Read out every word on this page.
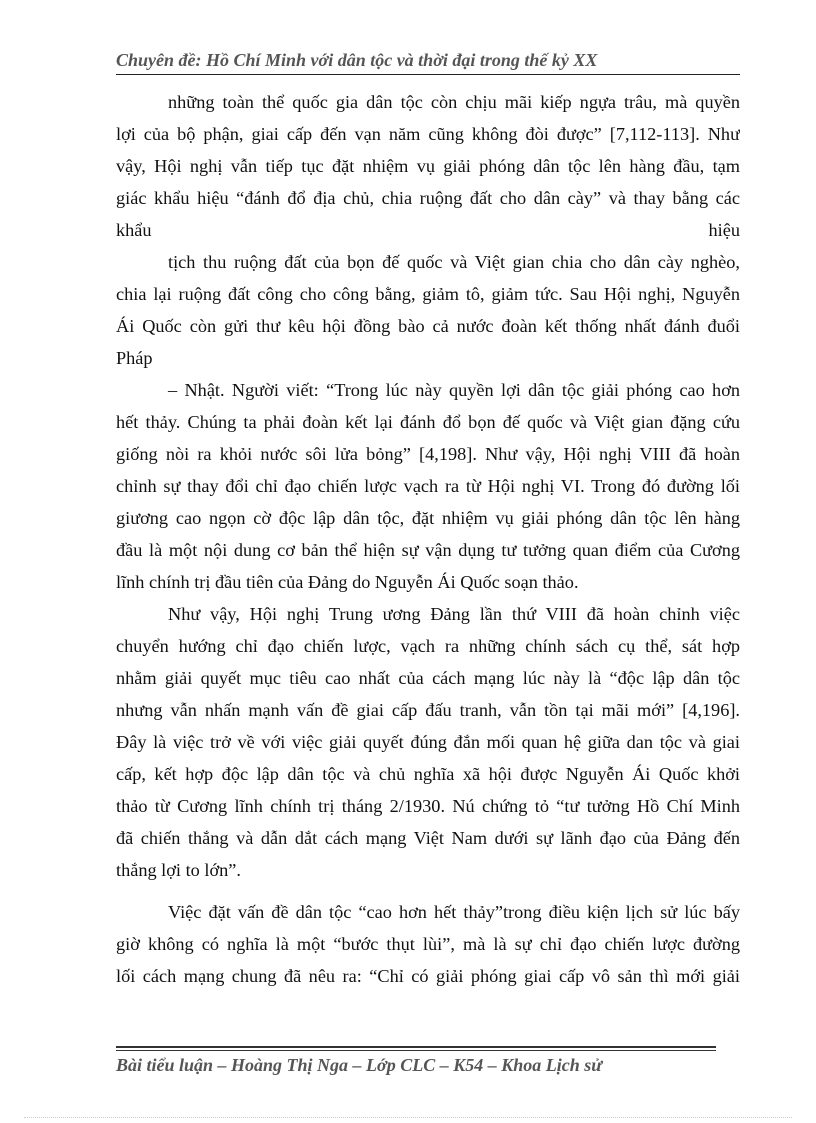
Chuyên đề: Hồ Chí Minh với dân tộc và thời đại trong thế kỷ XX
những toàn thể quốc gia dân tộc còn chịu mãi kiếp ngựa trâu, mà quyền
lợi của bộ phận, giai cấp đến vạn năm cũng không đòi được” [7,112-113]. Như
vậy, Hội nghị vẫn tiếp tục đặt nhiệm vụ giải phóng dân tộc lên hàng đầu, tạm
giác khẩu hiệu “đánh đổ địa chủ, chia ruộng đất cho dân cày” và thay bằng các
khẩu hiệu
tịch thu ruộng đất của bọn đế quốc và Việt gian chia cho dân cày nghèo,
chia lại ruộng đất công cho công bằng, giảm tô, giảm tức. Sau Hội nghị, Nguyễn
Ái Quốc còn gửi thư kêu hội đồng bào cả nước đoàn kết thống nhất đánh đuổi
Pháp
– Nhật. Người viết: “Trong lúc này quyền lợi dân tộc giải phóng cao hơn
hết thảy. Chúng ta phải đoàn kết lại đánh đổ bọn đế quốc và Việt gian đặng cứu
giống nòi ra khỏi nước sôi lửa bỏng” [4,198]. Như vậy, Hội nghị VIII đã hoàn
chỉnh sự thay đổi chỉ đạo chiến lược vạch ra từ Hội nghị VI. Trong đó đường lối
giương cao ngọn cờ độc lập dân tộc, đặt nhiệm vụ giải phóng dân tộc lên hàng
đầu là một nội dung cơ bản thể hiện sự vận dụng tư tưởng quan điểm của Cương
lĩnh chính trị đầu tiên của Đảng do Nguyễn Ái Quốc soạn thảo.
Như vậy, Hội nghị Trung ương Đảng lần thứ VIII đã hoàn chỉnh việc
chuyển hướng chỉ đạo chiến lược, vạch ra những chính sách cụ thể, sát hợp
nhằm giải quyết mục tiêu cao nhất của cách mạng lúc này là “độc lập dân tộc
nhưng vẫn nhấn mạnh vấn đề giai cấp đấu tranh, vẫn tồn tại mãi mới” [4,196].
Đây là việc trở về với việc giải quyết đúng đắn mối quan hệ giữa dan tộc và giai
cấp, kết hợp độc lập dân tộc và chủ nghĩa xã hội được Nguyễn Ái Quốc khởi
thảo từ Cương lĩnh chính trị tháng 2/1930. Nú chứng tỏ “tư tưởng Hồ Chí Minh
đã chiến thắng và dẫn dắt cách mạng Việt Nam dưới sự lãnh đạo của Đảng đến
thắng lợi to lớn”.
Việc đặt vấn đề dân tộc “cao hơn hết thảy”trong điều kiện lịch sử lúc bấy
giờ không có nghĩa là một “bước thụt lùi”, mà là sự chỉ đạo chiến lược đường
lối cách mạng chung đã nêu ra: “Chỉ có giải phóng giai cấp vô sản thì mới giải
Bài tiểu luận – Hoàng Thị Nga – Lớp CLC – K54 – Khoa Lịch sử
